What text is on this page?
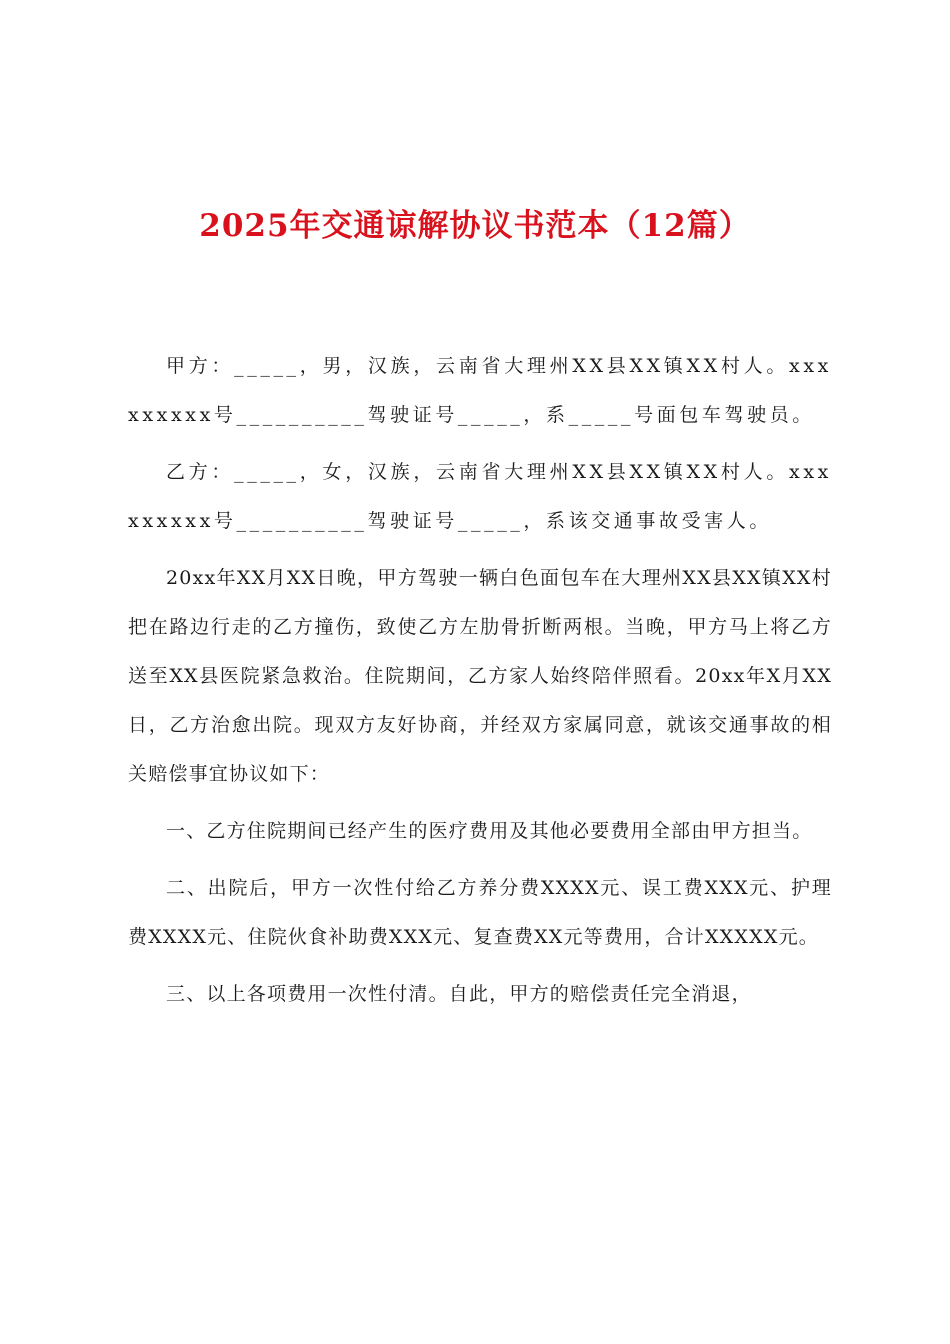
2025年交通谅解协议书范本（12篇）

甲方：_____，男，汉族，云南省大理州XX县XX镇XX村人。xxxxxxxxx号__________驾驶证号_____，系_____号面包车驾驶员。

乙方：_____，女，汉族，云南省大理州XX县XX镇XX村人。xxxxxxxxx号__________驾驶证号_____，系该交通事故受害人。

20xx年XX月XX日晚，甲方驾驶一辆白色面包车在大理州XX县XX镇XX村把在路边行走的乙方撞伤，致使乙方左肋骨折断两根。当晚，甲方马上将乙方送至XX县医院紧急救治。住院期间，乙方家人始终陪伴照看。20xx年X月XX日，乙方治愈出院。现双方友好协商，并经双方家属同意，就该交通事故的相关赔偿事宜协议如下：

一、乙方住院期间已经产生的医疗费用及其他必要费用全部由甲方担当。

二、出院后，甲方一次性付给乙方养分费XXXX元、误工费XXX元、护理费XXXX元、住院伙食补助费XXX元、复查费XX元等费用，合计XXXXX元。

三、以上各项费用一次性付清。自此，甲方的赔偿责任完全消退，
